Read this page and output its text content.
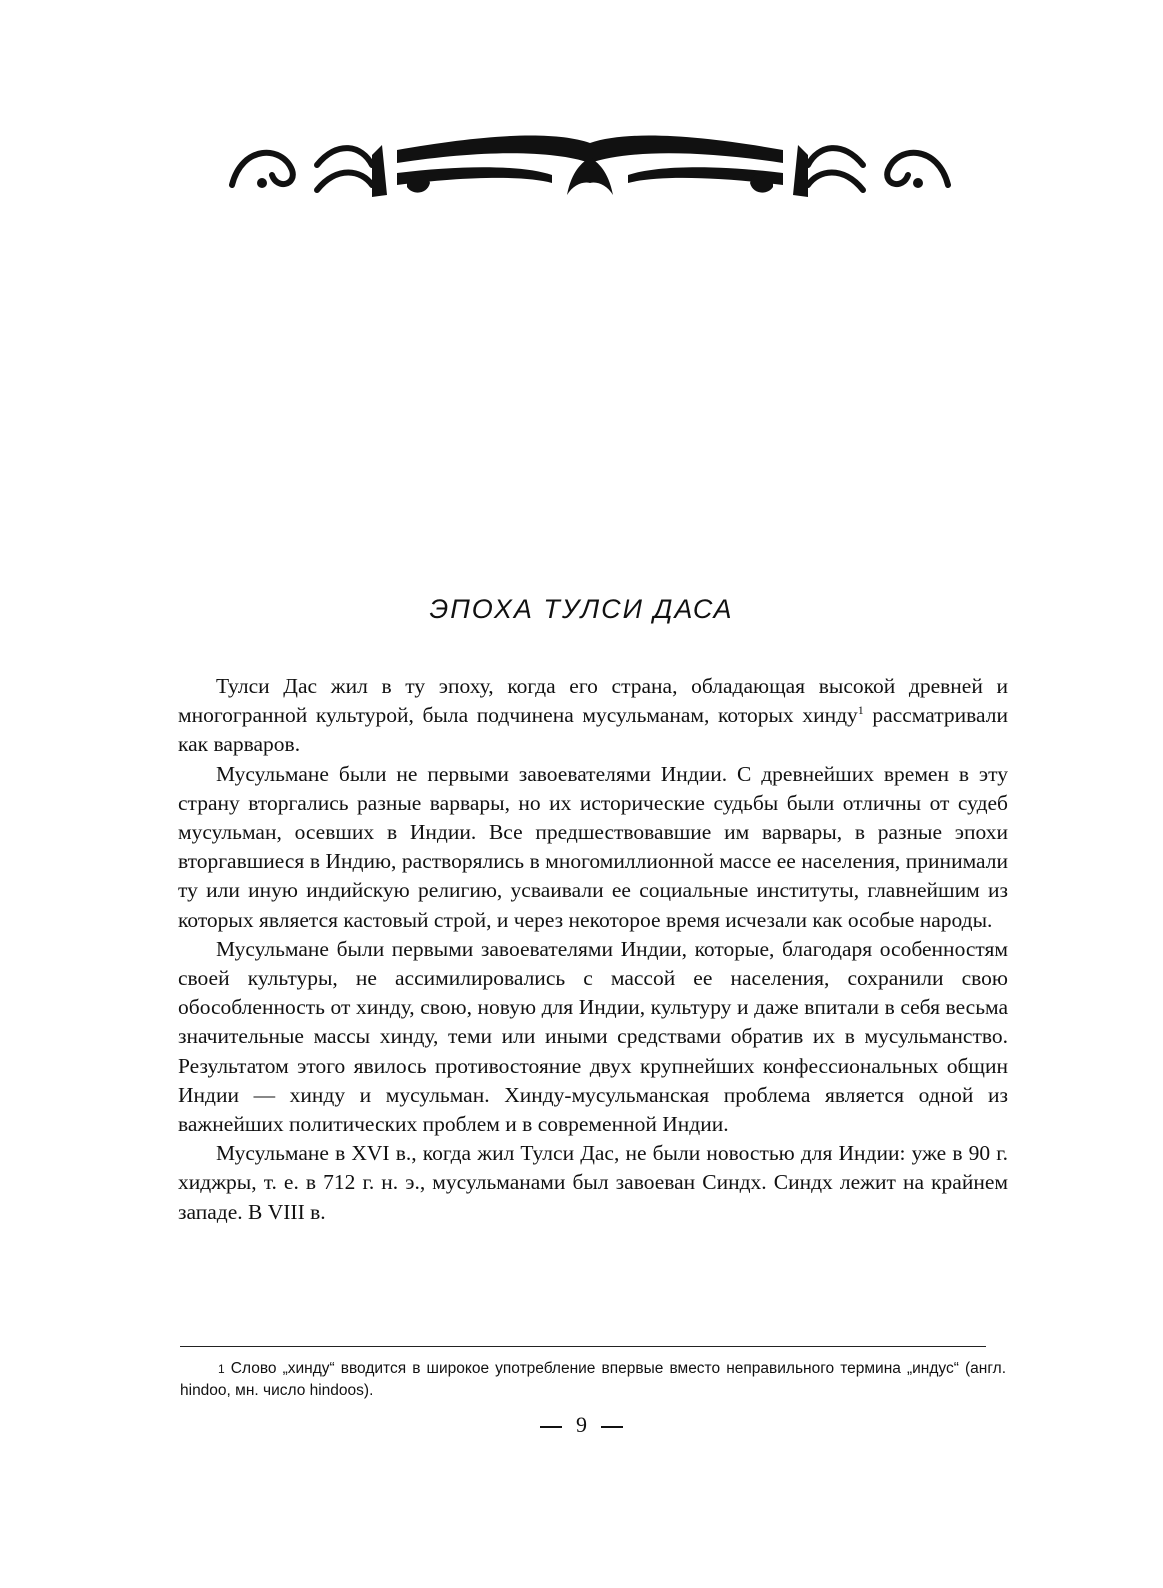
ЭПОХА ТУЛСИ ДАСА

Тулси Дас жил в ту эпоху, когда его страна, обладающая высокой древней и многогранной культурой, была подчинена мусульманам, которых хинду$^1$ рассматривали как варваров.

Мусульмане были не первыми завоевателями Индии. С древнейших времен в эту страну вторгались разные варвары, но их исторические судьбы были отличны от судеб мусульман, осевших в Индии. Все предшествовавшие им варвары, в разные эпохи вторгавшиеся в Индию, растворялись в многомиллионной массе ее населения, принимали ту или иную индийскую религию, усваивали ее социальные институты, главнейшим из которых является кастовый строй, и через некоторое время исчезали как особые народы.

Мусульмане были первыми завоевателями Индии, которые, благодаря особенностям своей культуры, не ассимилировались с массой ее населения, сохранили свою обособленность от хинду, свою, новую для Индии, культуру и даже впитали в себя весьма значительные массы хинду, теми или иными средствами обратив их в мусульманство. Результатом этого явилось противостояние двух крупнейших конфессиональных общин Индии — хинду и мусульман. Хинду-мусульманская проблема является одной из важнейших политических проблем и в современной Индии.

Мусульмане в XVI в., когда жил Тулси Дас, не были новостью для Индии: уже в 90 г. хиджры, т. е. в 712 г. н. э., мусульманами был завоеван Синдх. Синдх лежит на крайнем западе. В VIII в.

$^1$ Слово „хинду“ вводится в широкое употребление впервые вместо неправильного термина „индус“ (англ. hindoo, мн. число hindoos).
9
